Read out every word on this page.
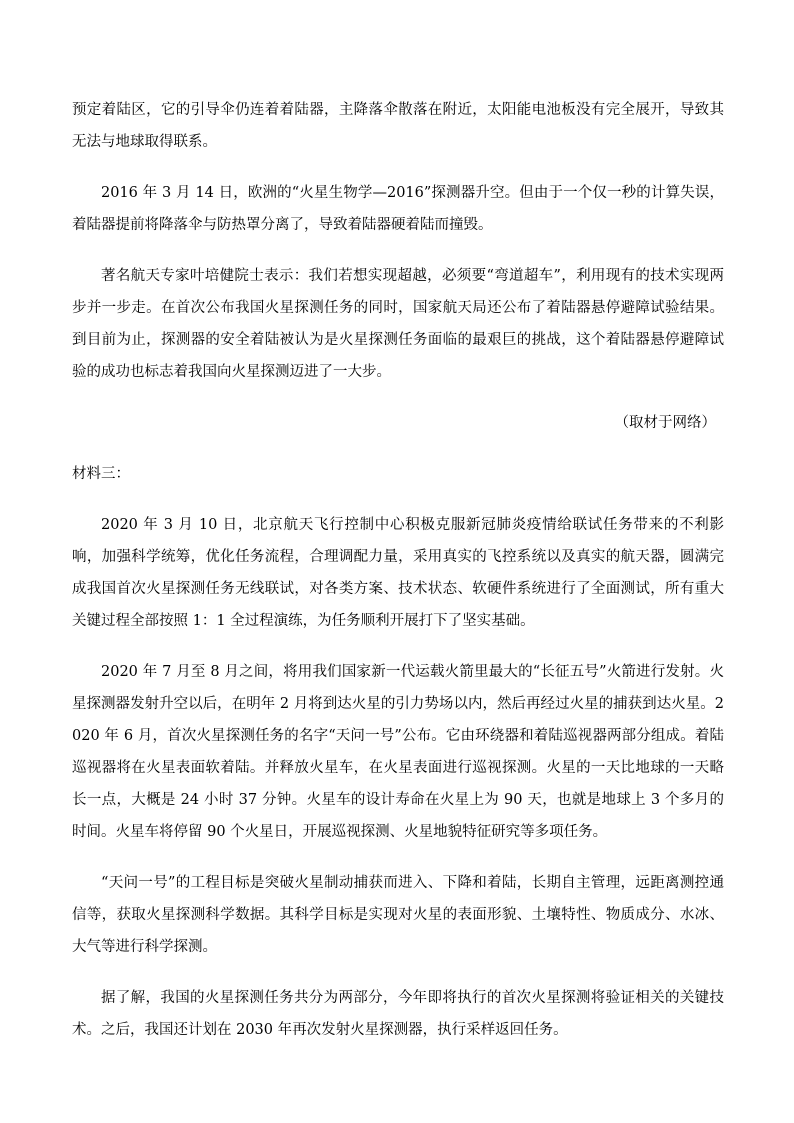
预定着陆区，它的引导伞仍连着着陆器，主降落伞散落在附近，太阳能电池板没有完全展开，导致其无法与地球取得联系。

2016 年 3 月 14 日，欧洲的“火星生物学—2016”探测器升空。但由于一个仅一秒的计算失误，着陆器提前将降落伞与防热罩分离了，导致着陆器硬着陆而撞毁。

著名航天专家叶培健院士表示：我们若想实现超越，必须要“弯道超车”，利用现有的技术实现两步并一步走。在首次公布我国火星探测任务的同时，国家航天局还公布了着陆器悬停避障试验结果。到目前为止，探测器的安全着陆被认为是火星探测任务面临的最艰巨的挑战，这个着陆器悬停避障试验的成功也标志着我国向火星探测迈进了一大步。

（取材于网络）

材料三：

2020 年 3 月 10 日，北京航天飞行控制中心积极克服新冠肺炎疫情给联试任务带来的不利影响，加强科学统筹，优化任务流程，合理调配力量，采用真实的飞控系统以及真实的航天器，圆满完成我国首次火星探测任务无线联试，对各类方案、技术状态、软硬件系统进行了全面测试，所有重大关键过程全部按照 1：1 全过程演练，为任务顺利开展打下了坚实基础。

2020 年 7 月至 8 月之间，将用我们国家新一代运载火箭里最大的“长征五号”火箭进行发射。火星探测器发射升空以后，在明年 2 月将到达火星的引力势场以内，然后再经过火星的捕获到达火星。2020 年 6 月，首次火星探测任务的名字“天问一号”公布。它由环绕器和着陆巡视器两部分组成。着陆巡视器将在火星表面软着陆。并释放火星车，在火星表面进行巡视探测。火星的一天比地球的一天略长一点，大概是 24 小时 37 分钟。火星车的设计寿命在火星上为 90 天，也就是地球上 3 个多月的时间。火星车将停留 90 个火星日，开展巡视探测、火星地貌特征研究等多项任务。

“天问一号”的工程目标是突破火星制动捕获而进入、下降和着陆，长期自主管理，远距离测控通信等，获取火星探测科学数据。其科学目标是实现对火星的表面形貌、土壤特性、物质成分、水冰、大气等进行科学探测。

据了解，我国的火星探测任务共分为两部分，今年即将执行的首次火星探测将验证相关的关键技术。之后，我国还计划在 2030 年再次发射火星探测器，执行采样返回任务。
